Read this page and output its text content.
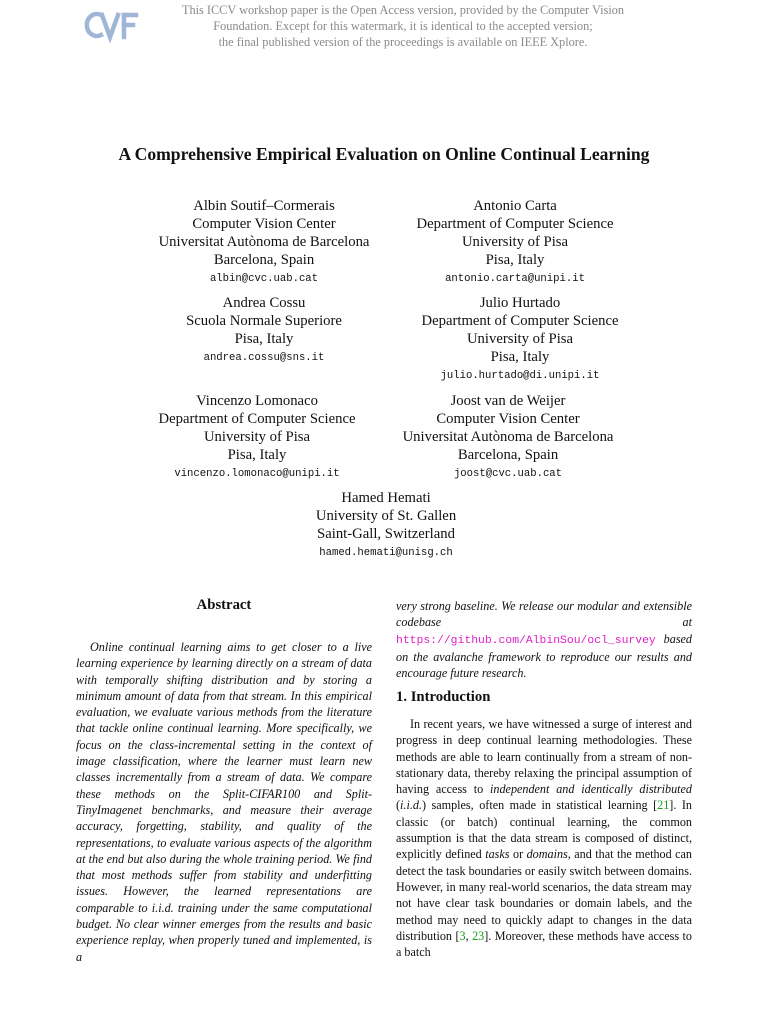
This ICCV workshop paper is the Open Access version, provided by the Computer Vision
Foundation. Except for this watermark, it is identical to the accepted version;
the final published version of the proceedings is available on IEEE Xplore.
A Comprehensive Empirical Evaluation on Online Continual Learning
Albin Soutif–Cormerais
Computer Vision Center
Universitat Autònoma de Barcelona
Barcelona, Spain
albin@cvc.uab.cat
Antonio Carta
Department of Computer Science
University of Pisa
Pisa, Italy
antonio.carta@unipi.it
Andrea Cossu
Scuola Normale Superiore
Pisa, Italy
andrea.cossu@sns.it
Julio Hurtado
Department of Computer Science
University of Pisa
Pisa, Italy
julio.hurtado@di.unipi.it
Vincenzo Lomonaco
Department of Computer Science
University of Pisa
Pisa, Italy
vincenzo.lomonaco@unipi.it
Joost van de Weijer
Computer Vision Center
Universitat Autònoma de Barcelona
Barcelona, Spain
joost@cvc.uab.cat
Hamed Hemati
University of St. Gallen
Saint-Gall, Switzerland
hamed.hemati@unisg.ch
Abstract
Online continual learning aims to get closer to a live learning experience by learning directly on a stream of data with temporally shifting distribution and by storing a minimum amount of data from that stream. In this empirical evaluation, we evaluate various methods from the literature that tackle online continual learning. More specifically, we focus on the class-incremental setting in the context of image classification, where the learner must learn new classes incrementally from a stream of data. We compare these methods on the Split-CIFAR100 and Split-TinyImagenet benchmarks, and measure their average accuracy, forgetting, stability, and quality of the representations, to evaluate various aspects of the algorithm at the end but also during the whole training period. We find that most methods suffer from stability and underfitting issues. However, the learned representations are comparable to i.i.d. training under the same computational budget. No clear winner emerges from the results and basic experience replay, when properly tuned and implemented, is a
very strong baseline. We release our modular and extensible codebase at https://github.com/AlbinSou/ocl_survey based on the avalanche framework to reproduce our results and encourage future research.
1. Introduction
In recent years, we have witnessed a surge of interest and progress in deep continual learning methodologies. These methods are able to learn continually from a stream of non-stationary data, thereby relaxing the principal assumption of having access to independent and identically distributed (i.i.d.) samples, often made in statistical learning [21]. In classic (or batch) continual learning, the common assumption is that the data stream is composed of distinct, explicitly defined tasks or domains, and that the method can detect the task boundaries or easily switch between domains. However, in many real-world scenarios, the data stream may not have clear task boundaries or domain labels, and the method may need to quickly adapt to changes in the data distribution [3, 23]. Moreover, these methods have access to a batch
